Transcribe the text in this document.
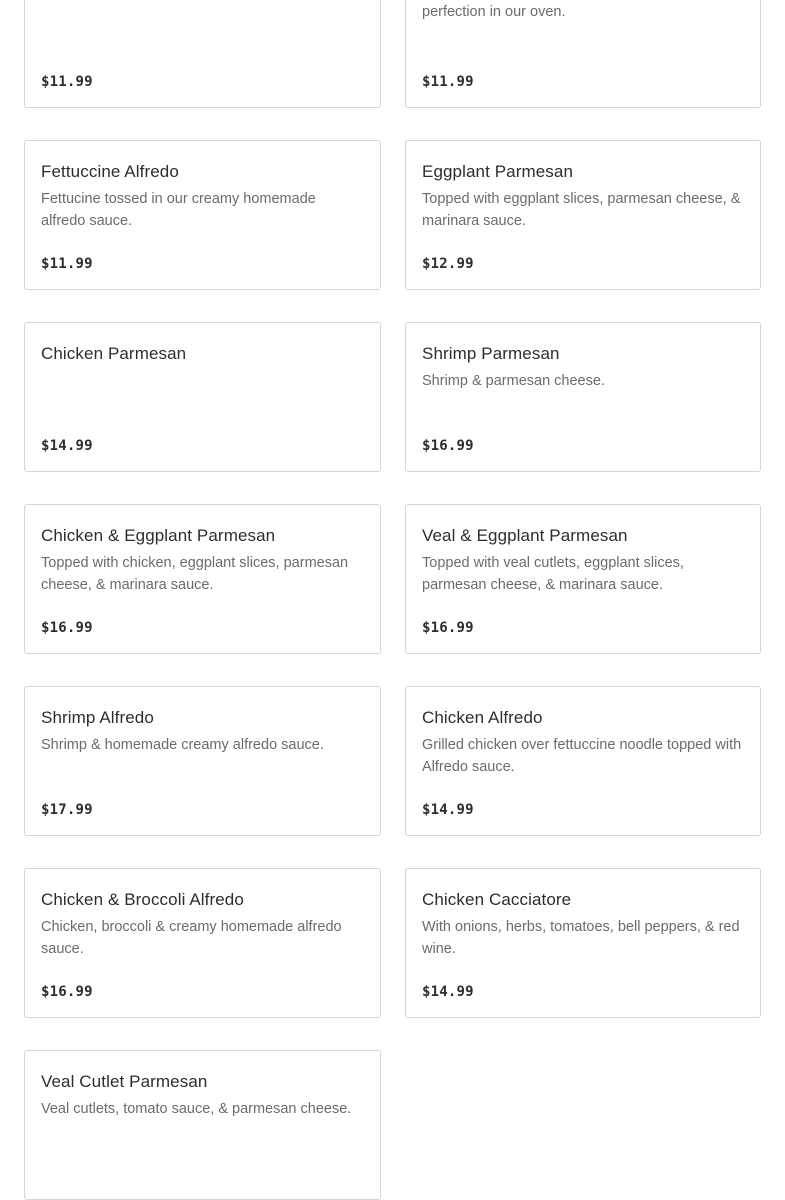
$11.99
perfection in our oven.
$11.99
Fettuccine Alfredo
Fettucine tossed in our creamy homemade alfredo sauce.
$11.99
Eggplant Parmesan
Topped with eggplant slices, parmesan cheese, & marinara sauce.
$12.99
Chicken Parmesan
$14.99
Shrimp Parmesan
Shrimp & parmesan cheese.
$16.99
Chicken & Eggplant Parmesan
Topped with chicken, eggplant slices, parmesan cheese, & marinara sauce.
$16.99
Veal & Eggplant Parmesan
Topped with veal cutlets, eggplant slices, parmesan cheese, & marinara sauce.
$16.99
Shrimp Alfredo
Shrimp & homemade creamy alfredo sauce.
$17.99
Chicken Alfredo
Grilled chicken over fettuccine noodle topped with Alfredo sauce.
$14.99
Chicken & Broccoli Alfredo
Chicken, broccoli & creamy homemade alfredo sauce.
$16.99
Chicken Cacciatore
With onions, herbs, tomatoes, bell peppers, & red wine.
$14.99
Veal Cutlet Parmesan
Veal cutlets, tomato sauce, & parmesan cheese.
